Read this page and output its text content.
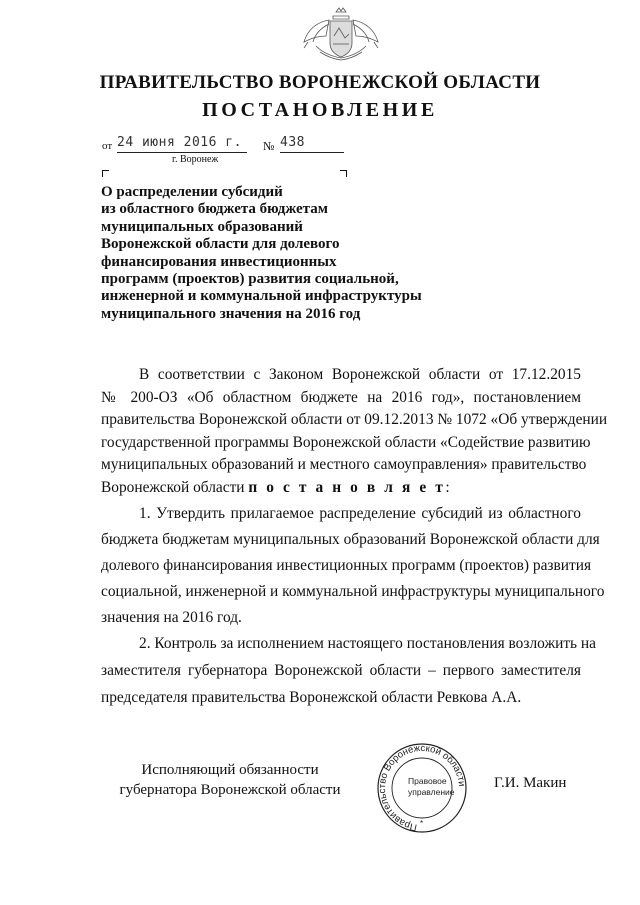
ПРАВИТЕЛЬСТВО ВОРОНЕЖСКОЙ ОБЛАСТИ
ПОСТАНОВЛЕНИЕ
от 24 июня 2016 г.	№ 438
г. Воронеж
О распределении субсидий
из областного бюджета бюджетам
муниципальных образований
Воронежской области для долевого
финансирования инвестиционных
программ (проектов) развития социальной,
инженерной и коммунальной инфраструктуры
муниципального значения на 2016 год
В соответствии с Законом Воронежской области от 17.12.2015
№ 200-ОЗ «Об областном бюджете на 2016 год», постановлением
правительства Воронежской области от 09.12.2013 № 1072 «Об утверждении
государственной программы Воронежской области «Содействие развитию
муниципальных образований и местного самоуправления» правительство
Воронежской области п о с т а н о в л я е т:
1. Утвердить прилагаемое распределение субсидий из областного
бюджета бюджетам муниципальных образований Воронежской области для
долевого финансирования инвестиционных программ (проектов) развития
социальной, инженерной и коммунальной инфраструктуры муниципального
значения на 2016 год.
2. Контроль за исполнением настоящего постановления возложить на
заместителя губернатора Воронежской области – первого заместителя
председателя правительства Воронежской области Ревкова А.А.
Исполняющий обязанности
губернатора Воронежской области
Правительство Воронежской области
Правовое
управление
*
Г.И. Макин
